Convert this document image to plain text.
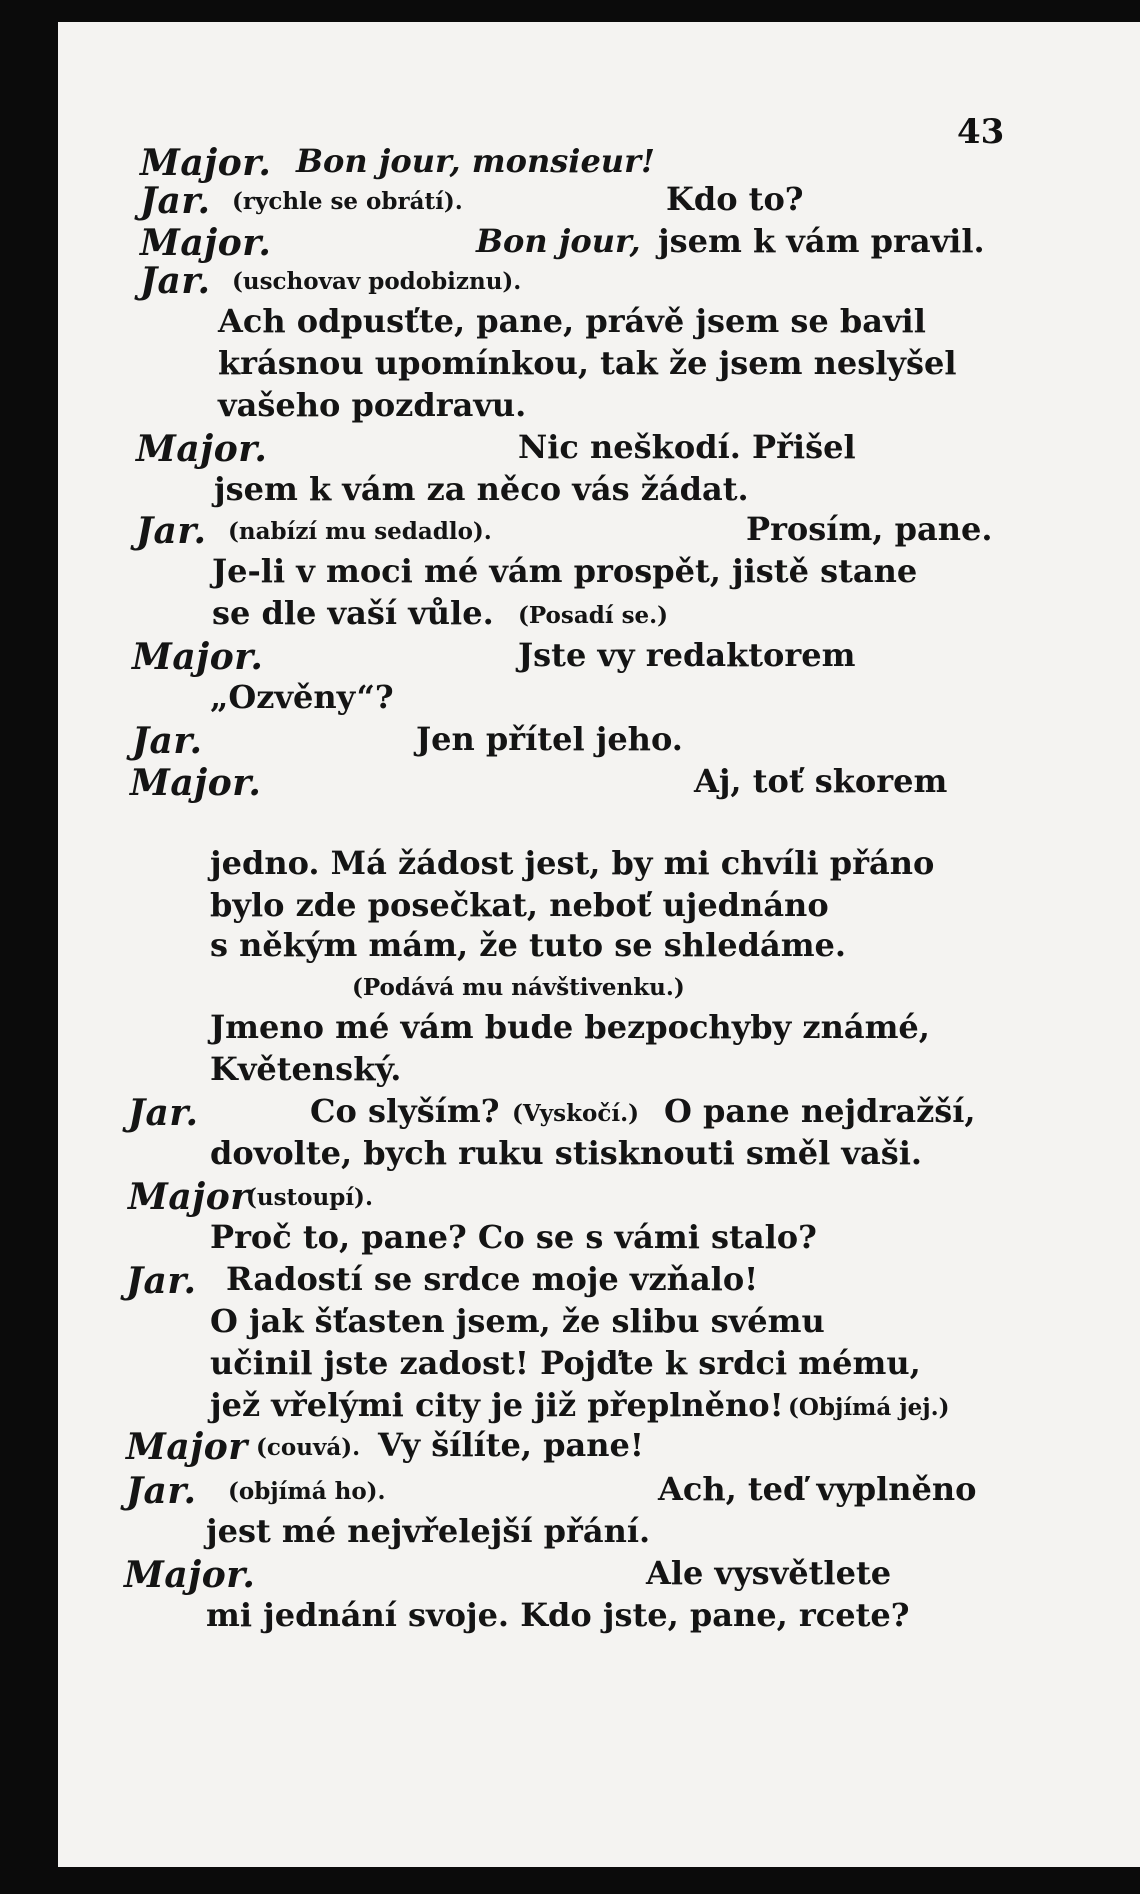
43
Major. Bon jour, monsieur!
Jar. (rychle se obrátí).	Kdo to?
Major.	Bon jour, jsem k vám pravil.
Jar. (uschovav podobiznu).
Ach odpusťte, pane, právě jsem se bavil
krásnou upomínkou, tak že jsem neslyšel
vašeho pozdravu.
Major.	Nic neškodí. Přišel
jsem k vám za něco vás žádat.
Jar. (nabízí mu sedadlo).	Prosím, pane.
Je-li v moci mé vám prospět, jistě stane
se dle vaší vůle. (Posadí se.)
Major.	Jste vy redaktorem
„Ozvěny“?
Jar.	Jen přítel jeho.
Major.	Aj, toť skorem
jedno. Má žádost jest, by mi chvíli přáno
bylo zde posečkat, neboť ujednáno
s někým mám, že tuto se shledáme.
(Podává mu návštivenku.)
Jmeno mé vám bude bezpochyby známé,
Květenský.
Jar.	Co slyším? (Vyskočí.) O pane nejdražší,
dovolte, bych ruku stisknouti směl vaši.
Major
(ustoupí).
Proč to, pane? Co se s vámi stalo?
Jar. Radostí se srdce moje vzňalo!
O jak šťasten jsem, že slibu svému
učinil jste zadost! Pojďte k srdci mému,
jež vřelými city je již přeplněno! (Objímá jej.)
Major (couvá). Vy šílíte, pane!
Jar. (objímá ho).	Ach, teď vyplněno
jest mé nejvřelejší přání.
Major.	Ale vysvětlete
mi jednání svoje. Kdo jste, pane, rcete?
